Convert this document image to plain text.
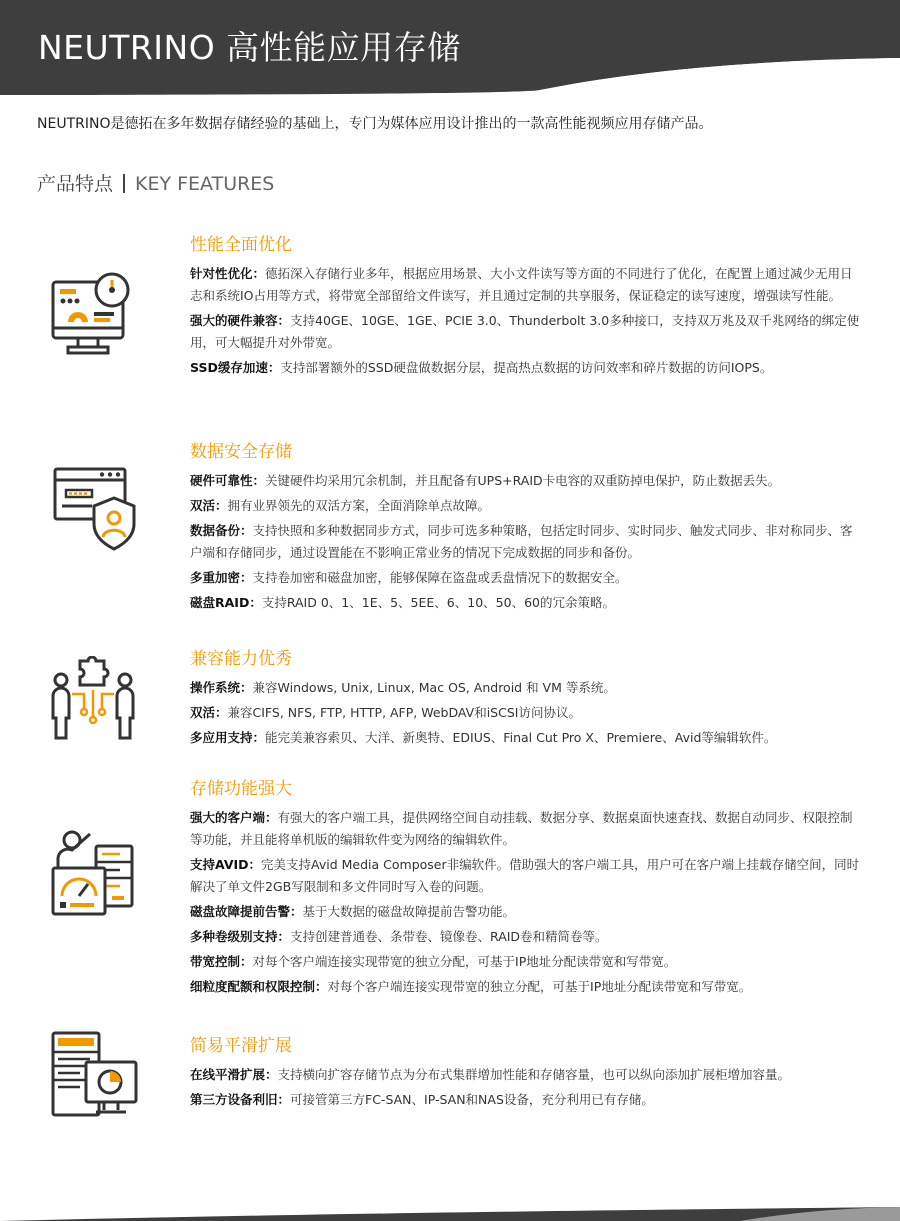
NEUTRINO 高性能应用存储
NEUTRINO是德拓在多年数据存储经验的基础上，专门为媒体应用设计推出的一款高性能视频应用存储产品。
产品特点 KEY FEATURES
性能全面优化
针对性优化：德拓深入存储行业多年，根据应用场景、大小文件读写等方面的不同进行了优化，在配置上通过减少无用日志和系统IO占用等方式，将带宽全部留给文件读写，并且通过定制的共享服务，保证稳定的读写速度，增强读写性能。
强大的硬件兼容：支持40GE、10GE、1GE、PCIE 3.0、Thunderbolt 3.0多种接口，支持双万兆及双千兆网络的绑定使用，可大幅提升对外带宽。
SSD缓存加速：支持部署额外的SSD硬盘做数据分层，提高热点数据的访问效率和碎片数据的访问IOPS。
数据安全存储
硬件可靠性：关键硬件均采用冗余机制，并且配备有UPS+RAID卡电容的双重防掉电保护，防止数据丢失。
双活：拥有业界领先的双活方案，全面消除单点故障。
数据备份：支持快照和多种数据同步方式，同步可选多种策略，包括定时同步、实时同步、触发式同步、非对称同步、客户端和存储同步，通过设置能在不影响正常业务的情况下完成数据的同步和备份。
多重加密：支持卷加密和磁盘加密，能够保障在盗盘或丢盘情况下的数据安全。
磁盘RAID：支持RAID 0、1、1E、5、5EE、6、10、50、60的冗余策略。
兼容能力优秀
操作系统：兼容Windows, Unix, Linux, Mac OS, Android 和 VM 等系统。
双活：兼容CIFS, NFS, FTP, HTTP, AFP, WebDAV和iSCSI访问协议。
多应用支持：能完美兼容索贝、大洋、新奥特、EDIUS、Final Cut Pro X、Premiere、Avid等编辑软件。
存储功能强大
强大的客户端：有强大的客户端工具，提供网络空间自动挂载、数据分享、数据桌面快速查找、数据自动同步、权限控制等功能，并且能将单机版的编辑软件变为网络的编辑软件。
支持AVID：完美支持Avid Media Composer非编软件。借助强大的客户端工具，用户可在客户端上挂载存储空间，同时解决了单文件2GB写限制和多文件同时写入卷的问题。
磁盘故障提前告警：基于大数据的磁盘故障提前告警功能。
多种卷级别支持：支持创建普通卷、条带卷、镜像卷、RAID卷和精简卷等。
带宽控制：对每个客户端连接实现带宽的独立分配，可基于IP地址分配读带宽和写带宽。
细粒度配额和权限控制：对每个客户端连接实现带宽的独立分配，可基于IP地址分配读带宽和写带宽。
简易平滑扩展
在线平滑扩展：支持横向扩容存储节点为分布式集群增加性能和存储容量，也可以纵向添加扩展柜增加容量。
第三方设备利旧：可接管第三方FC-SAN、IP-SAN和NAS设备，充分利用已有存储。
